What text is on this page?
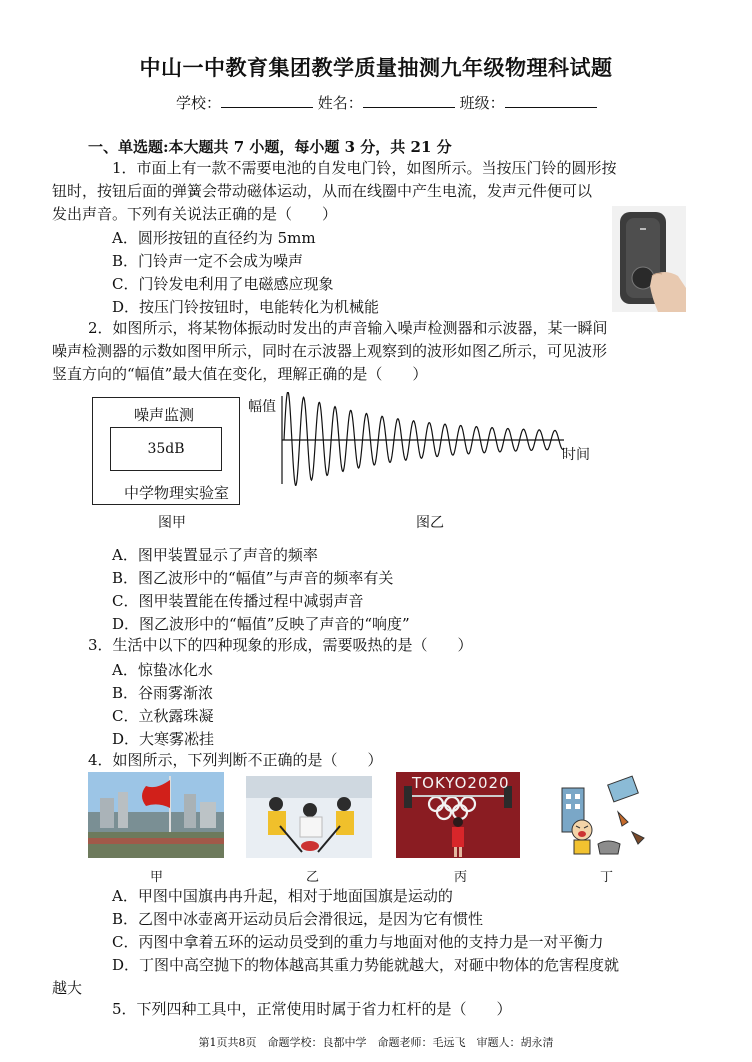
中山一中教育集团教学质量抽测九年级物理科试题
学校：	姓名：	班级：
一、单选题:本大题共 7 小题，每小题 3 分，共 21 分
1．市面上有一款不需要电池的自发电门铃，如图所示。当按压门铃的圆形按
钮时，按钮后面的弹簧会带动磁体运动，从而在线圈中产生电流，发声元件便可以
发出声音。下列有关说法正确的是（　　）
A．圆形按钮的直径约为 5mm
B．门铃声一定不会成为噪声
C．门铃发电利用了电磁感应现象
D．按压门铃按钮时，电能转化为机械能
2．如图所示，将某物体振动时发出的声音输入噪声检测器和示波器，某一瞬间
噪声检测器的示数如图甲所示，同时在示波器上观察到的波形如图乙所示，可见波形
竖直方向的“幅值”最大值在变化，理解正确的是（　　）
噪声监测
35dB
中学物理实验室
图甲
幅值
时间
图乙
A．图甲装置显示了声音的频率
B．图乙波形中的“幅值”与声音的频率有关
C．图甲装置能在传播过程中减弱声音
D．图乙波形中的“幅值”反映了声音的“响度”
3．生活中以下的四种现象的形成，需要吸热的是（　　）
A．惊蛰冰化水
B．谷雨雾渐浓
C．立秋露珠凝
D．大寒雾凇挂
4．如图所示，下列判断不正确的是（　　）
TOKYO2020
甲	乙	丙	丁
A．甲图中国旗冉冉升起，相对于地面国旗是运动的
B．乙图中冰壶离开运动员后会滑很远，是因为它有惯性
C．丙图中拿着五环的运动员受到的重力与地面对他的支持力是一对平衡力
D．丁图中高空抛下的物体越高其重力势能就越大，对砸中物体的危害程度就
越大
5．下列四种工具中，正常使用时属于省力杠杆的是（　　）
第1页共8页　命题学校：良都中学　命题老师：毛远飞　审题人：胡永清
